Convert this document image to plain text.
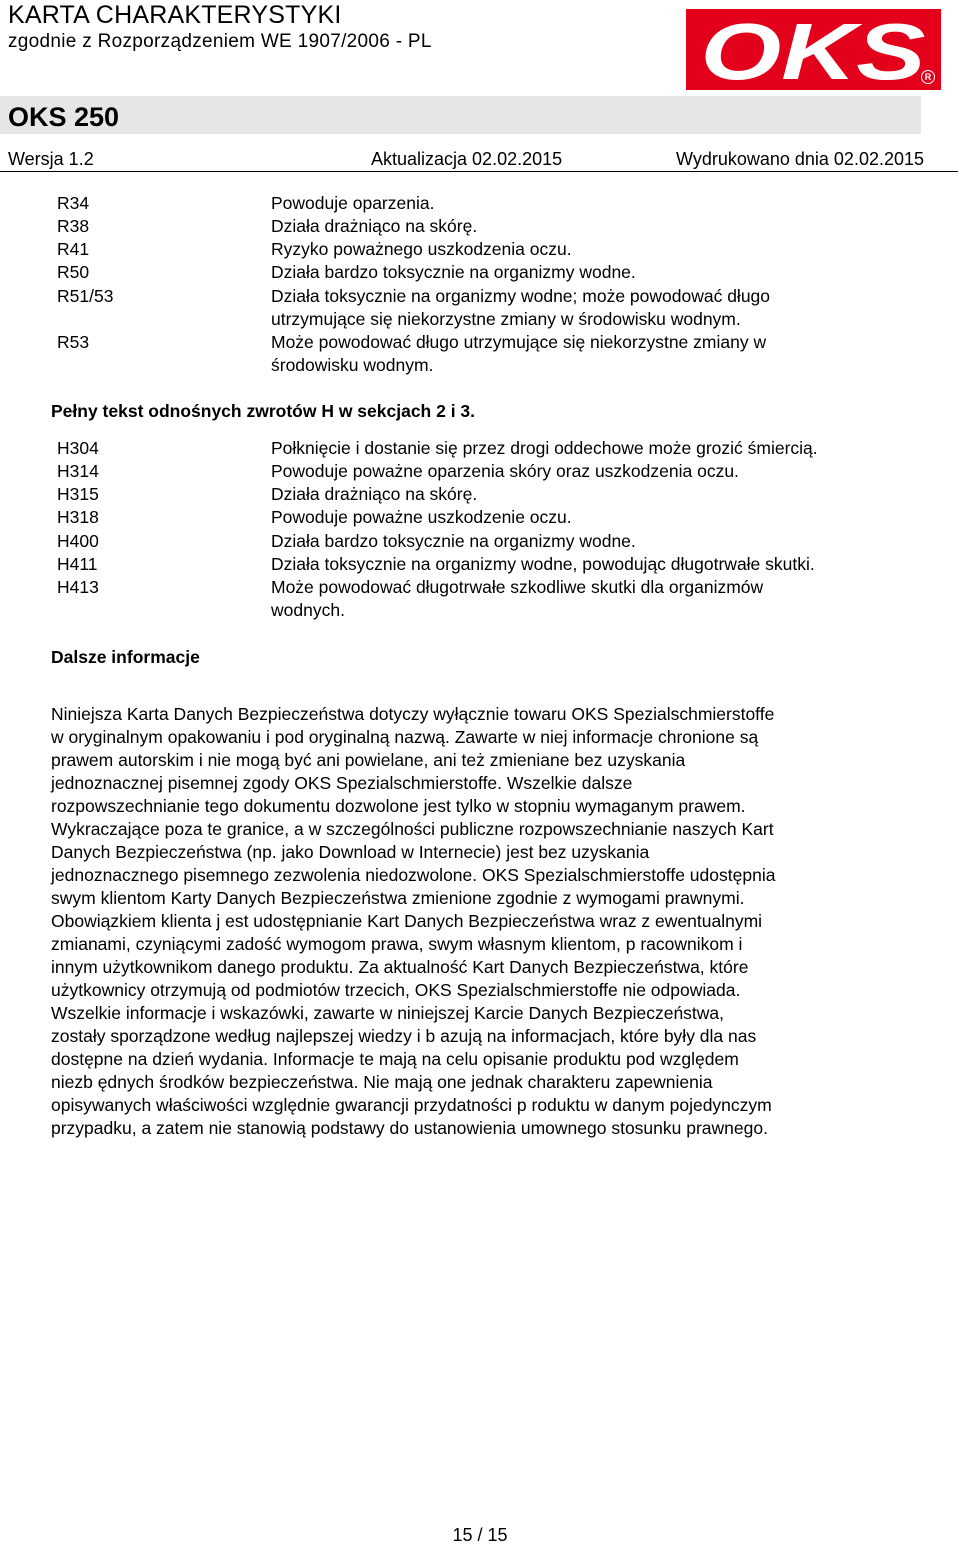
KARTA CHARAKTERYSTYKI
zgodnie z Rozporządzeniem WE 1907/2006 - PL	OKS R
OKS 250
Wersja 1.2	Aktualizacja 02.02.2015	Wydrukowano dnia 02.02.2015
R34	Powoduje oparzenia.
R38	Działa drażniąco na skórę.
R41	Ryzyko poważnego uszkodzenia oczu.
R50	Działa bardzo toksycznie na organizmy wodne.
R51/53	Działa toksycznie na organizmy wodne; może powodować długo
utrzymujące się niekorzystne zmiany w środowisku wodnym.
R53	Może powodować długo utrzymujące się niekorzystne zmiany w
środowisku wodnym.
Pełny tekst odnośnych zwrotów H w sekcjach 2 i 3.
H304	Połknięcie i dostanie się przez drogi oddechowe może grozić śmiercią.
H314	Powoduje poważne oparzenia skóry oraz uszkodzenia oczu.
H315	Działa drażniąco na skórę.
H318	Powoduje poważne uszkodzenie oczu.
H400	Działa bardzo toksycznie na organizmy wodne.
H411	Działa toksycznie na organizmy wodne, powodując długotrwałe skutki.
H413	Może powodować długotrwałe szkodliwe skutki dla organizmów
wodnych.
Dalsze informacje
Niniejsza Karta Danych Bezpieczeństwa dotyczy wyłącznie towaru OKS Spezialschmierstoffe
w oryginalnym opakowaniu i pod oryginalną nazwą. Zawarte w niej informacje chronione są
prawem autorskim i nie mogą być ani powielane, ani też zmieniane bez uzyskania
jednoznacznej pisemnej zgody OKS Spezialschmierstoffe. Wszelkie dalsze
rozpowszechnianie tego dokumentu dozwolone jest tylko w stopniu wymaganym prawem.
Wykraczające poza te granice, a w szczególności publiczne rozpowszechnianie naszych Kart
Danych Bezpieczeństwa (np. jako Download w Internecie) jest bez uzyskania
jednoznacznego pisemnego zezwolenia niedozwolone. OKS Spezialschmierstoffe udostępnia
swym klientom Karty Danych Bezpieczeństwa zmienione zgodnie z wymogami prawnymi.
Obowiązkiem klienta j est udostępnianie Kart Danych Bezpieczeństwa wraz z ewentualnymi
zmianami, czyniącymi zadość wymogom prawa, swym własnym klientom, p racownikom i
innym użytkownikom danego produktu. Za aktualność Kart Danych Bezpieczeństwa, które
użytkownicy otrzymują od podmiotów trzecich, OKS Spezialschmierstoffe nie odpowiada.
Wszelkie informacje i wskazówki, zawarte w niniejszej Karcie Danych Bezpieczeństwa,
zostały sporządzone według najlepszej wiedzy i b azują na informacjach, które były dla nas
dostępne na dzień wydania. Informacje te mają na celu opisanie produktu pod względem
niezb ędnych środków bezpieczeństwa. Nie mają one jednak charakteru zapewnienia
opisywanych właściwości względnie gwarancji przydatności p roduktu w danym pojedynczym
przypadku, a zatem nie stanowią podstawy do ustanowienia umownego stosunku prawnego.
15 / 15
